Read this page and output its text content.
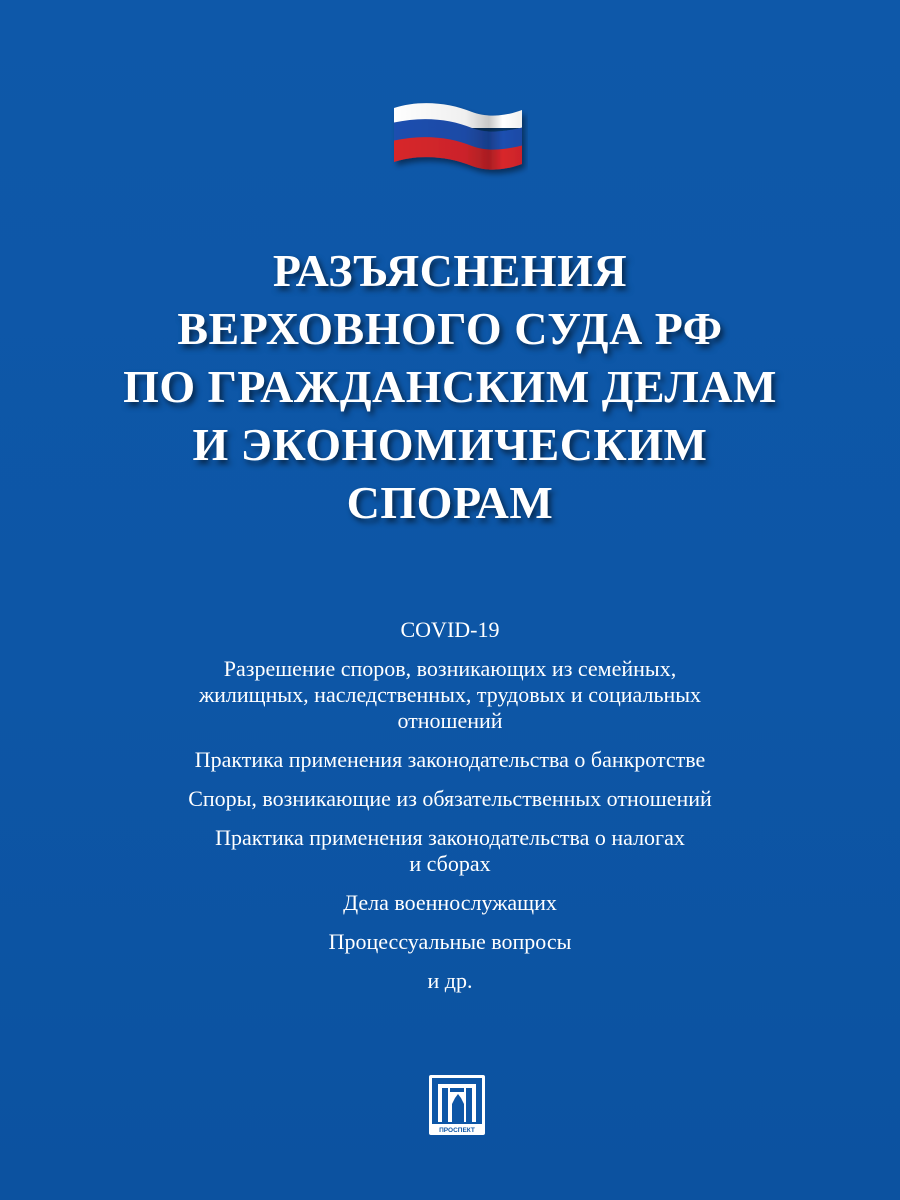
РАЗЪЯСНЕНИЯ
ВЕРХОВНОГО СУДА РФ
ПО ГРАЖДАНСКИМ ДЕЛАМ
И ЭКОНОМИЧЕСКИМ
СПОРАМ
COVID-19
Разрешение споров, возникающих из семейных,
жилищных, наследственных, трудовых и социальных
отношений
Практика применения законодательства о банкротстве
Споры, возникающие из обязательственных отношений
Практика применения законодательства о налогах
и сборах
Дела военнослужащих
Процессуальные вопросы
и др.
ПРОСПЕКТ
